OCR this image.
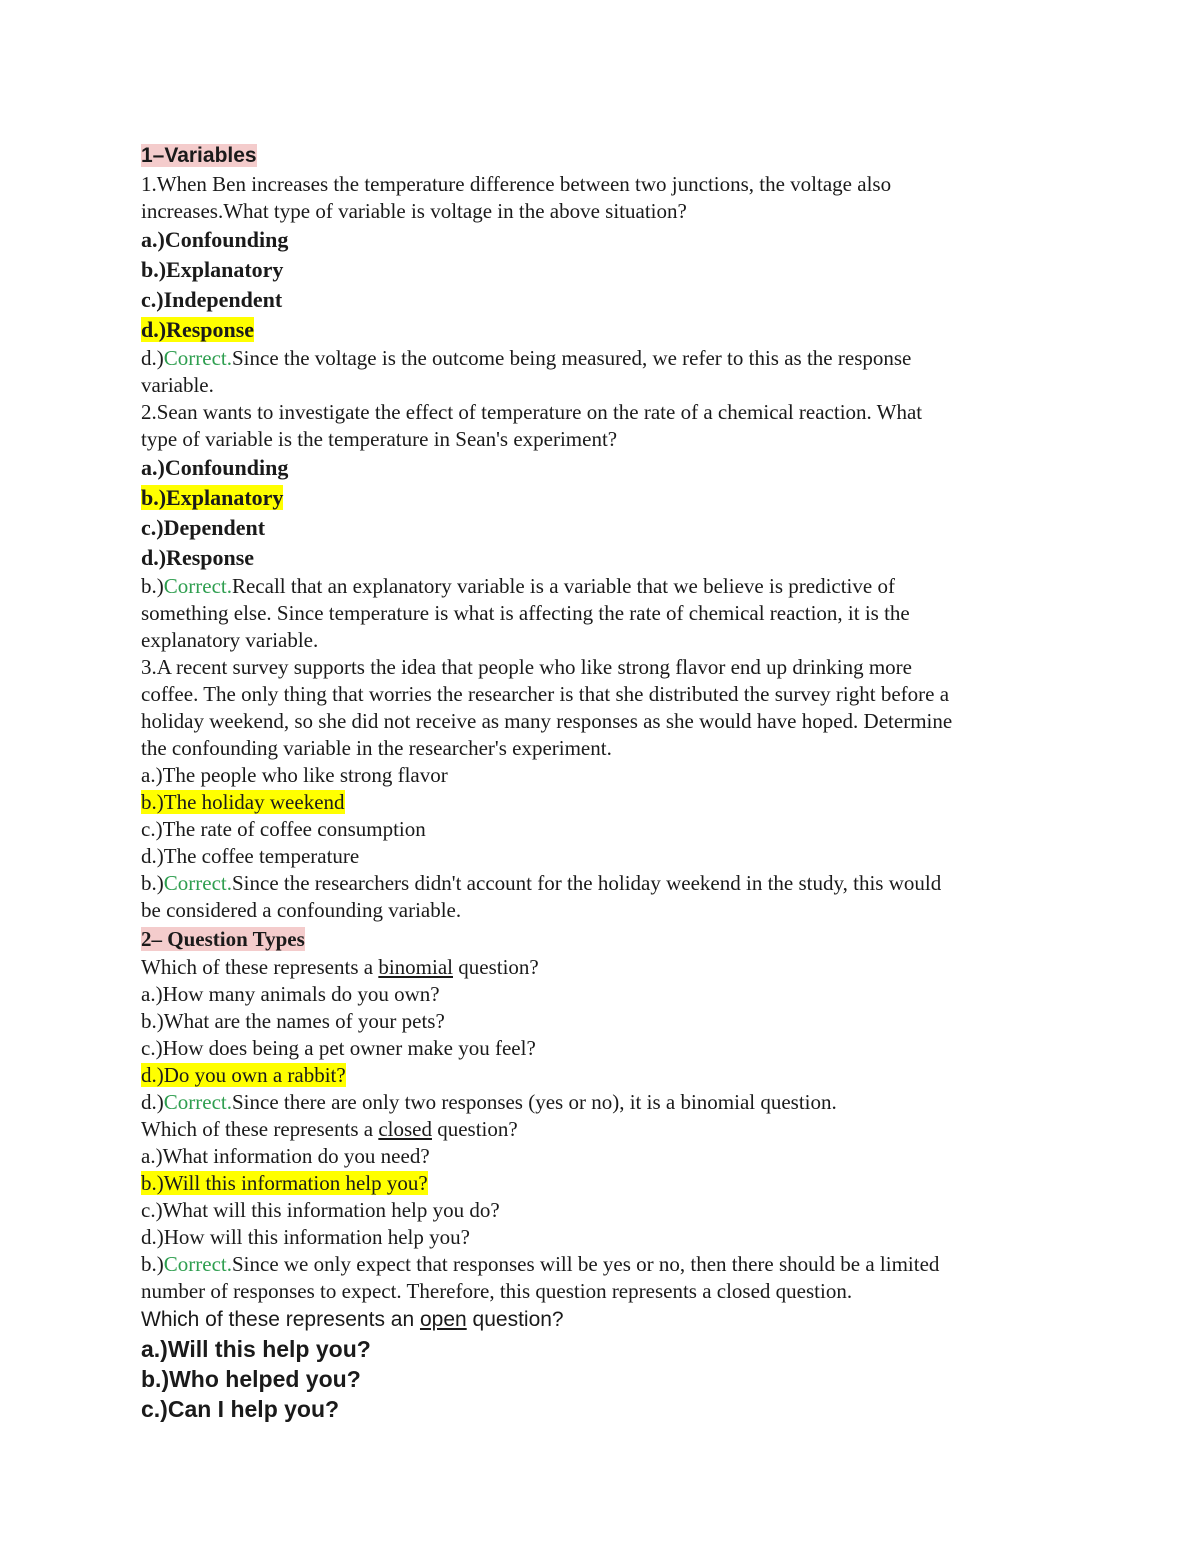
1–Variables
1.When Ben increases the temperature difference between two junctions, the voltage also
increases.What type of variable is voltage in the above situation?
a.)Confounding
b.)Explanatory
c.)Independent
d.)Response
d.)Correct.Since the voltage is the outcome being measured, we refer to this as the response
variable.
2.Sean wants to investigate the effect of temperature on the rate of a chemical reaction. What
type of variable is the temperature in Sean's experiment?
a.)Confounding
b.)Explanatory
c.)Dependent
d.)Response
b.)Correct.Recall that an explanatory variable is a variable that we believe is predictive of
something else. Since temperature is what is affecting the rate of chemical reaction, it is the
explanatory variable.
3.A recent survey supports the idea that people who like strong flavor end up drinking more
coffee. The only thing that worries the researcher is that she distributed the survey right before a
holiday weekend, so she did not receive as many responses as she would have hoped. Determine
the confounding variable in the researcher's experiment.
a.)The people who like strong flavor
b.)The holiday weekend
c.)The rate of coffee consumption
d.)The coffee temperature
b.)Correct.Since the researchers didn't account for the holiday weekend in the study, this would
be considered a confounding variable.
2– Question Types
Which of these represents a binomial question?
a.)How many animals do you own?
b.)What are the names of your pets?
c.)How does being a pet owner make you feel?
d.)Do you own a rabbit?
d.)Correct.Since there are only two responses (yes or no), it is a binomial question.
Which of these represents a closed question?
a.)What information do you need?
b.)Will this information help you?
c.)What will this information help you do?
d.)How will this information help you?
b.)Correct.Since we only expect that responses will be yes or no, then there should be a limited
number of responses to expect. Therefore, this question represents a closed question.
Which of these represents an open question?
a.)Will this help you?
b.)Who helped you?
c.)Can I help you?
